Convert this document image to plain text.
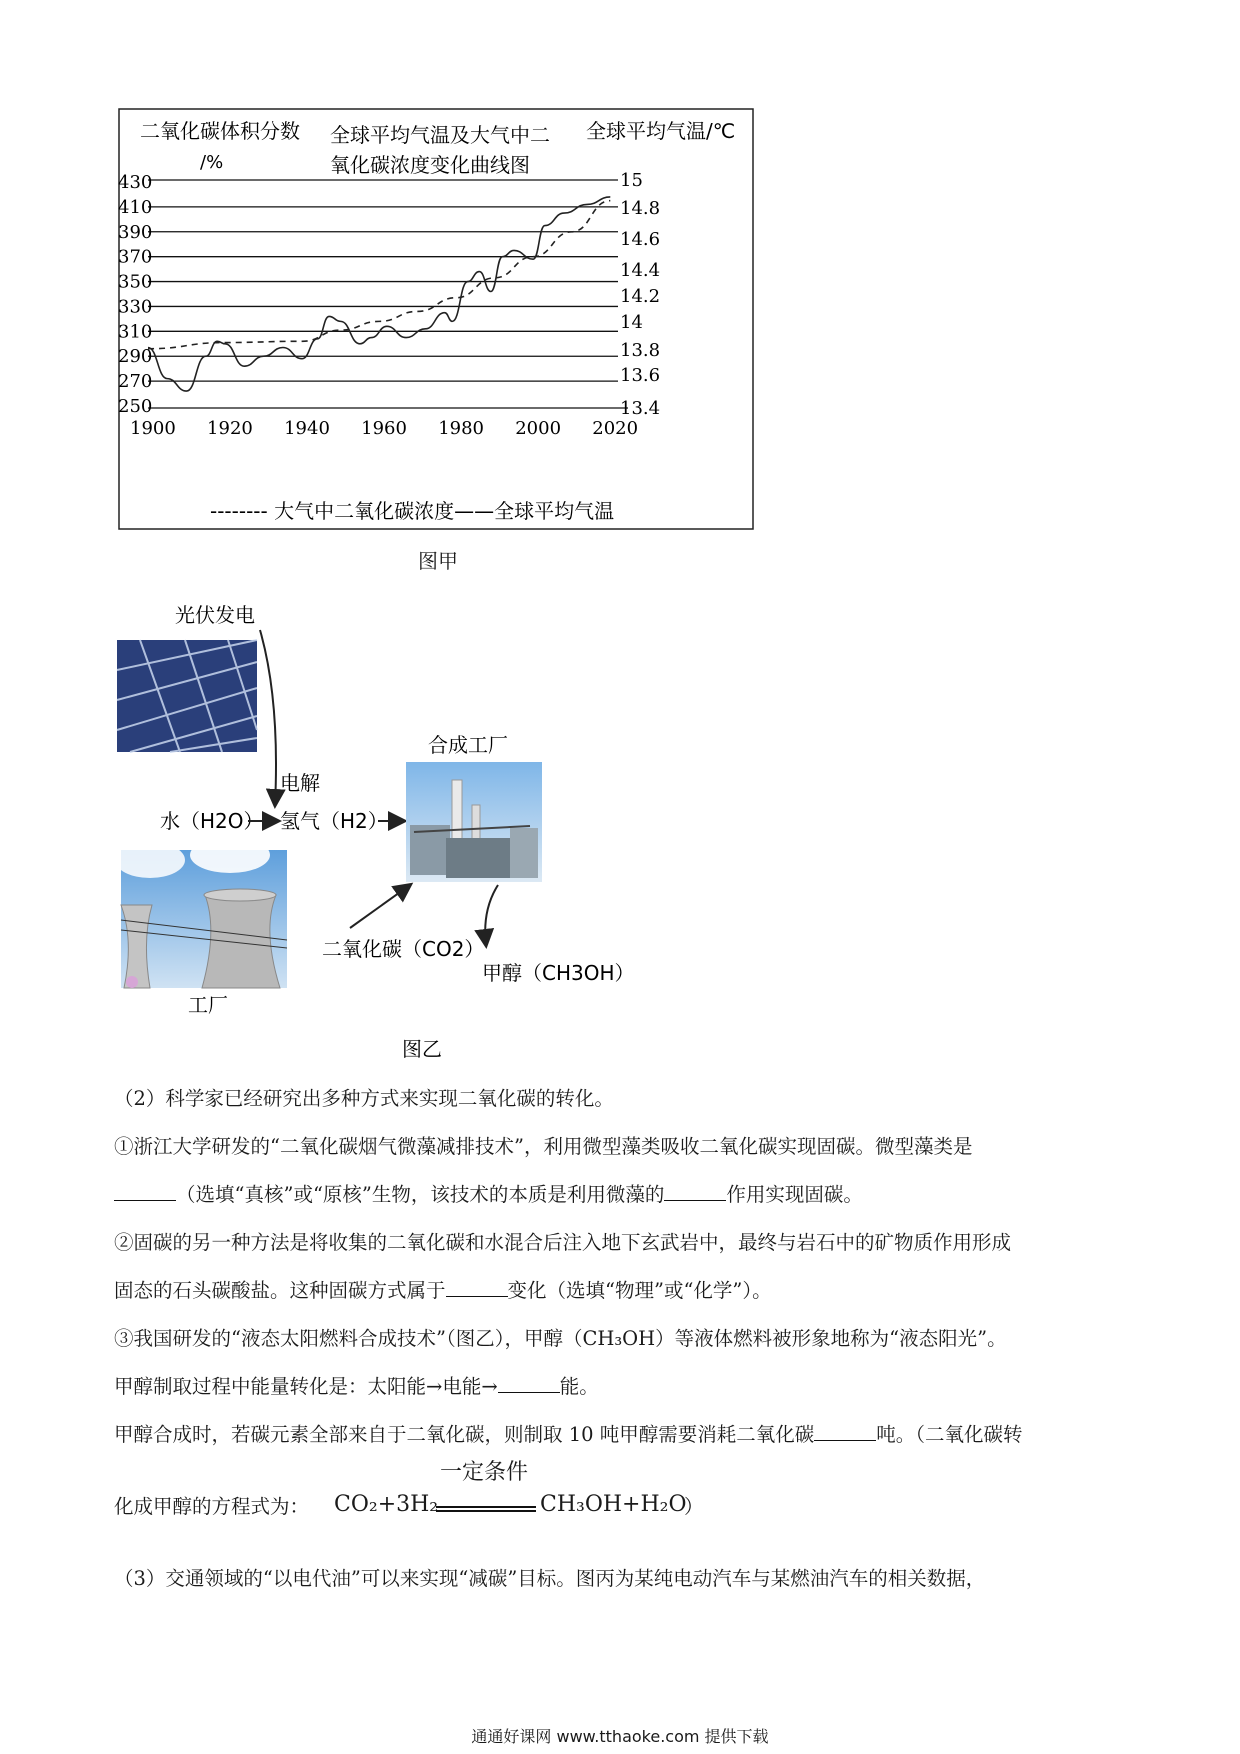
二氧化碳体积分数
/%
全球平均气温及大气中二
氧化碳浓度变化曲线图
全球平均气温/℃
430
410
390
370
350
330
310
290
270
250
15
14.8
14.6
14.4
14.2
14
13.8
13.6
13.4
1900 1920 1940 1960 1980 2000 2020
-------- 大气中二氧化碳浓度——全球平均气温
图甲
光伏发电
电解
水（H2O） 氢气（H2）
合成工厂
工厂
二氧化碳（CO2）
甲醇（CH3OH）
图乙
（2）科学家已经研究出多种方式来实现二氧化碳的转化。
①浙江大学研发的“二氧化碳烟气微藻减排技术”，利用微型藻类吸收二氧化碳实现固碳。微型藻类是
（选填“真核”或“原核”生物，该技术的本质是利用微藻的	作用实现固碳。
②固碳的另一种方法是将收集的二氧化碳和水混合后注入地下玄武岩中，最终与岩石中的矿物质作用形成
固态的石头碳酸盐。这种固碳方式属于	变化（选填“物理”或“化学”）。
③我国研发的“液态太阳燃料合成技术”（图乙），甲醇（CH₃OH）等液体燃料被形象地称为“液态阳光”。
甲醇制取过程中能量转化是：太阳能→电能→	能。
甲醇合成时，若碳元素全部来自于二氧化碳，则制取 10 吨甲醇需要消耗二氧化碳	吨。（二氧化碳转
化成甲醇的方程式为： CO₂+3H₂
一定条件
CH₃OH+H₂O
）
（3）交通领域的“以电代油”可以来实现“减碳”目标。图丙为某纯电动汽车与某燃油汽车的相关数据，
通通好课网 www.tthaoke.com 提供下载
